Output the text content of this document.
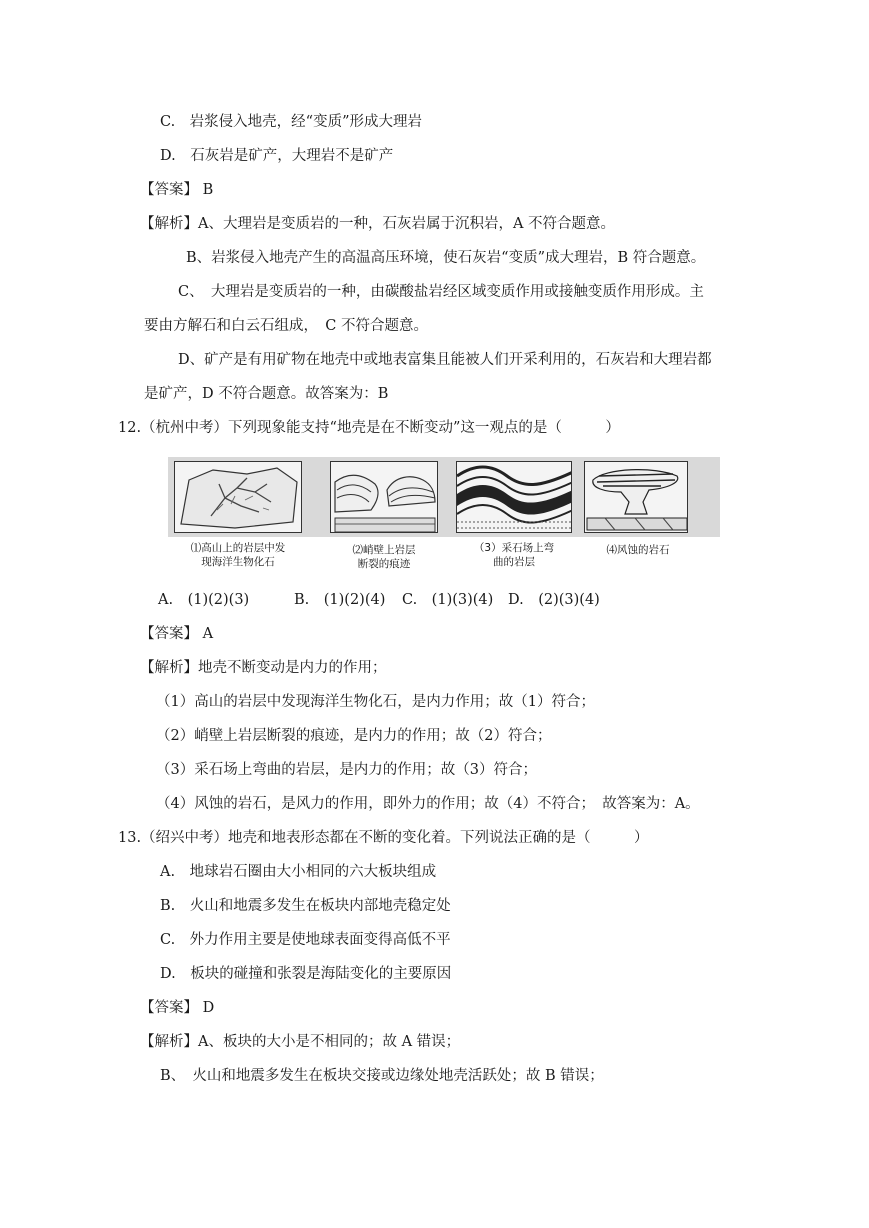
C.　岩浆侵入地壳，经“变质”形成大理岩
D.　石灰岩是矿产，大理岩不是矿产
【答案】 B
【解析】A、大理岩是变质岩的一种，石灰岩属于沉积岩，A 不符合题意。
B、岩浆侵入地壳产生的高温高压环境，使石灰岩“变质”成大理岩，B 符合题意。
C、　大理岩是变质岩的一种，由碳酸盐岩经区域变质作用或接触变质作用形成。主
要由方解石和白云石组成，　C 不符合题意。
D、矿产是有用矿物在地壳中或地表富集且能被人们开采利用的，石灰岩和大理岩都
是矿产，D 不符合题意。故答案为：B
12.（杭州中考）下列现象能支持“地壳是在不断变动”这一观点的是（　　　）
⑴高山上的岩层中发
现海洋生物化石
⑵峭壁上岩层
断裂的痕迹
（3）采石场上弯
曲的岩层
⑷风蚀的岩石
A.　(1)(2)(3)	B.　(1)(2)(4) C.　(1)(3)(4) D.　(2)(3)(4)
【答案】 A
【解析】地壳不断变动是内力的作用；
（1）高山的岩层中发现海洋生物化石，是内力作用；故（1）符合；
（2）峭壁上岩层断裂的痕迹，是内力的作用；故（2）符合；
（3）采石场上弯曲的岩层，是内力的作用；故（3）符合；
（4）风蚀的岩石，是风力的作用，即外力的作用；故（4）不符合；　故答案为：A。
13.（绍兴中考）地壳和地表形态都在不断的变化着。下列说法正确的是（　　　）
A.　地球岩石圈由大小相同的六大板块组成
B.　火山和地震多发生在板块内部地壳稳定处
C.　外力作用主要是使地球表面变得高低不平
D.　板块的碰撞和张裂是海陆变化的主要原因
【答案】 D
【解析】A、板块的大小是不相同的；故 A 错误；
B、　火山和地震多发生在板块交接或边缘处地壳活跃处；故 B 错误；
